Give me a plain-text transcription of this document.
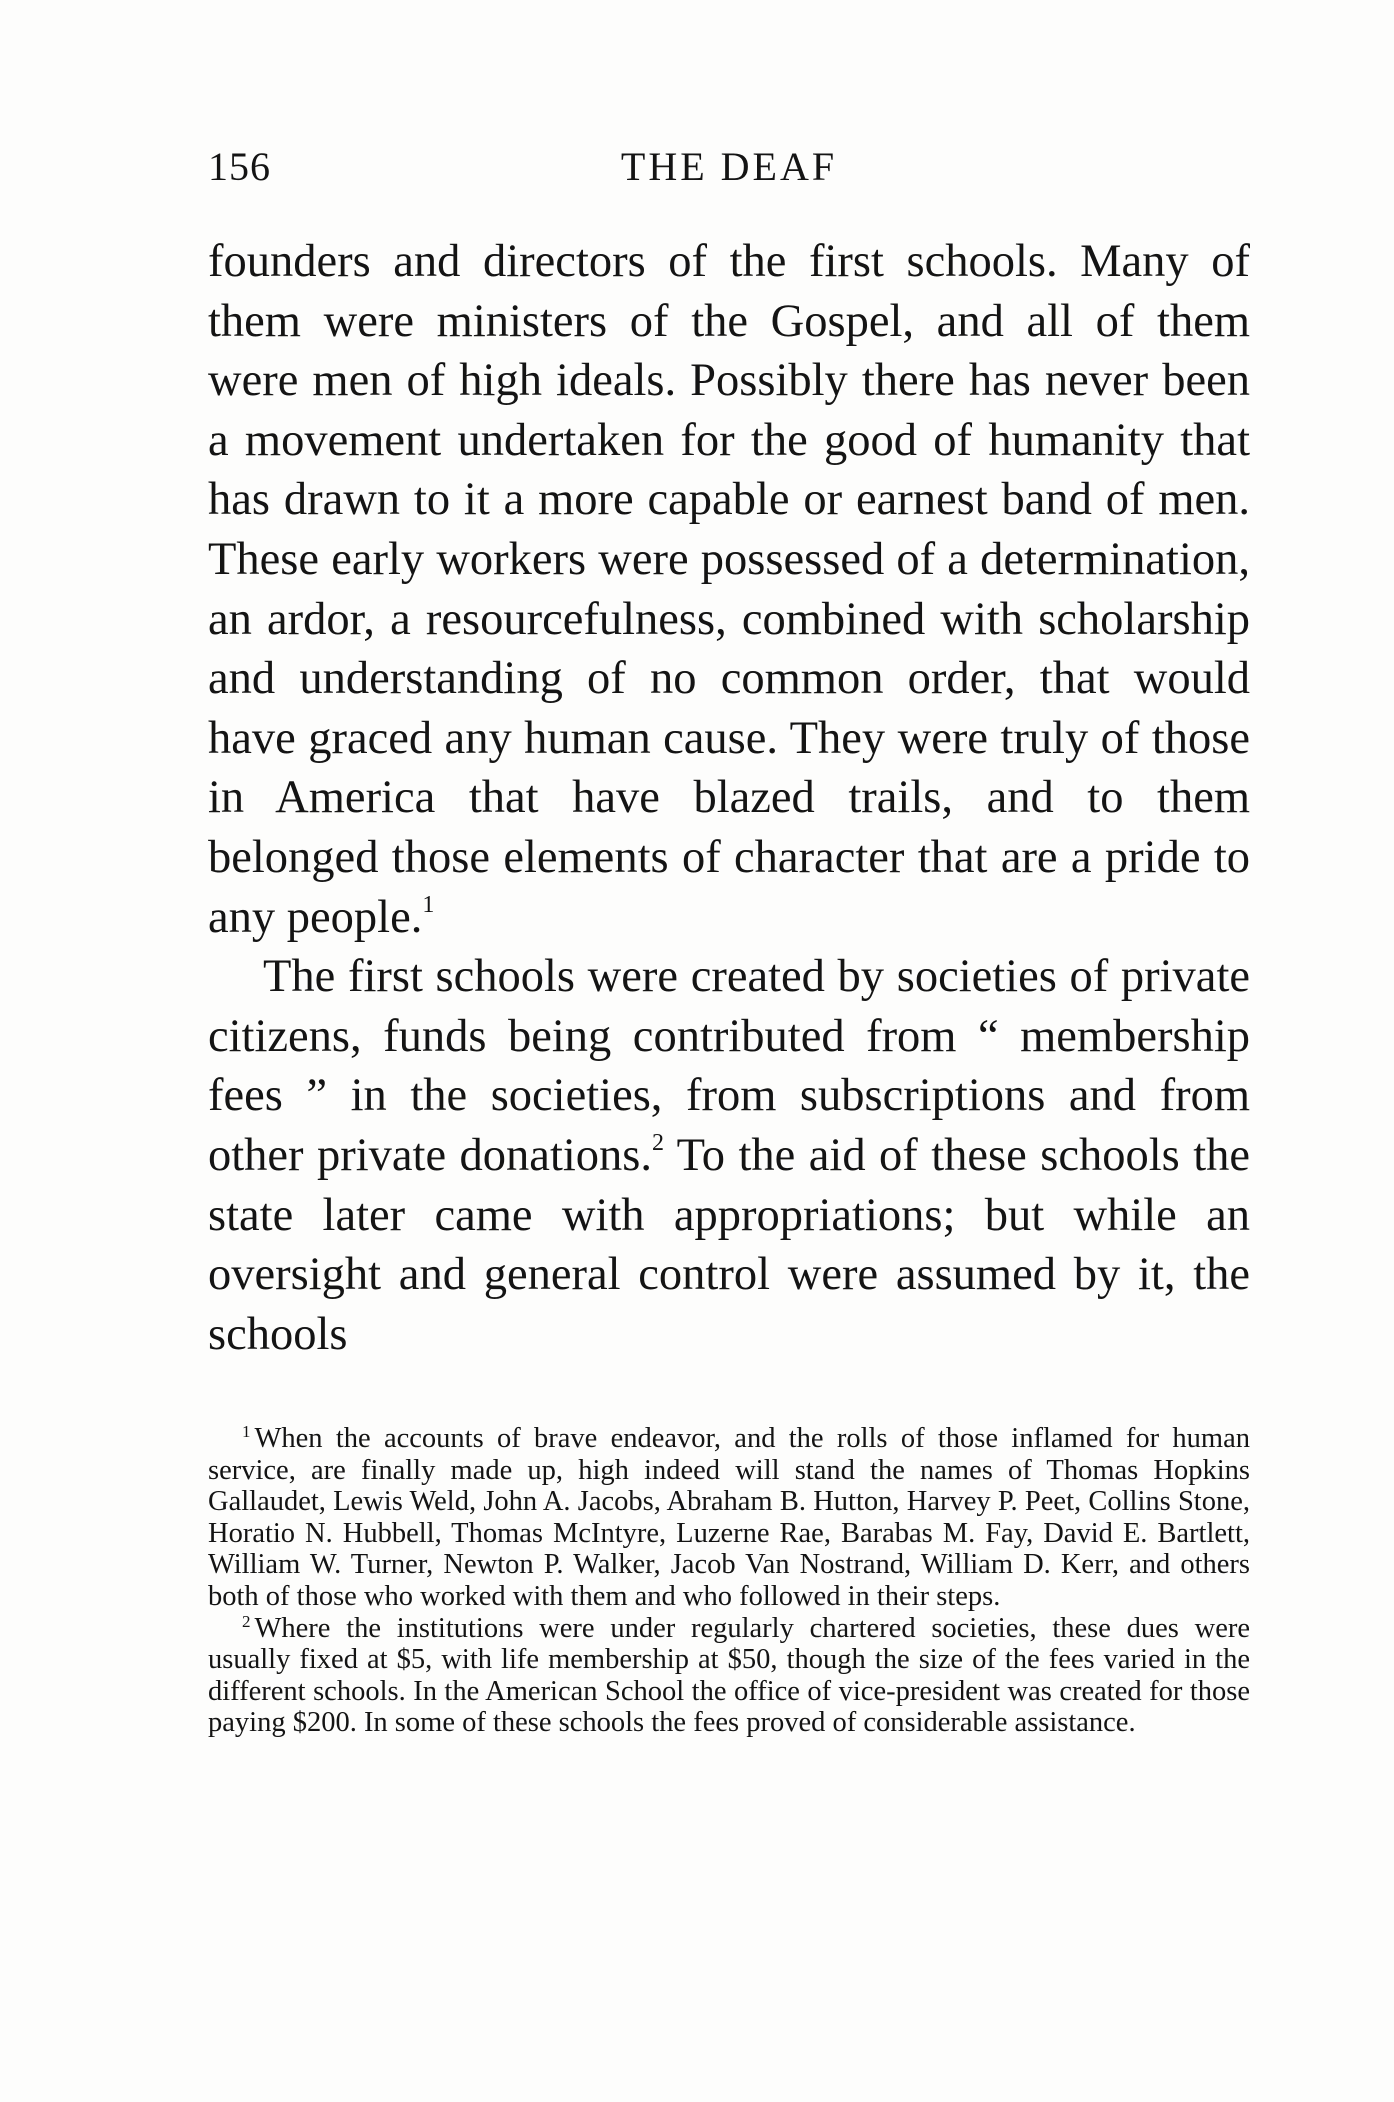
156	THE DEAF

founders and directors of the first schools. Many of them were ministers of the Gospel, and all of them were men of high ideals. Possibly there has never been a movement undertaken for the good of humanity that has drawn to it a more capable or earnest band of men. These early workers were possessed of a determination, an ardor, a resourcefulness, combined with scholarship and understanding of no common order, that would have graced any human cause. They were truly of those in America that have blazed trails, and to them belonged those elements of character that are a pride to any people.$^1$

The first schools were created by societies of private citizens, funds being contributed from “ membership fees ” in the societies, from subscriptions and from other private donations.$^2$ To the aid of these schools the state later came with appropriations; but while an oversight and general control were assumed by it, the schools

$^1$ When the accounts of brave endeavor, and the rolls of those inflamed for human service, are finally made up, high indeed will stand the names of Thomas Hopkins Gallaudet, Lewis Weld, John A. Jacobs, Abraham B. Hutton, Harvey P. Peet, Collins Stone, Horatio N. Hubbell, Thomas McIntyre, Luzerne Rae, Barabas M. Fay, David E. Bartlett, William W. Turner, Newton P. Walker, Jacob Van Nostrand, William D. Kerr, and others both of those who worked with them and who followed in their steps.

$^2$ Where the institutions were under regularly chartered societies, these dues were usually fixed at $5, with life membership at $50, though the size of the fees varied in the different schools. In the American School the office of vice-president was created for those paying $200. In some of these schools the fees proved of considerable assistance.
